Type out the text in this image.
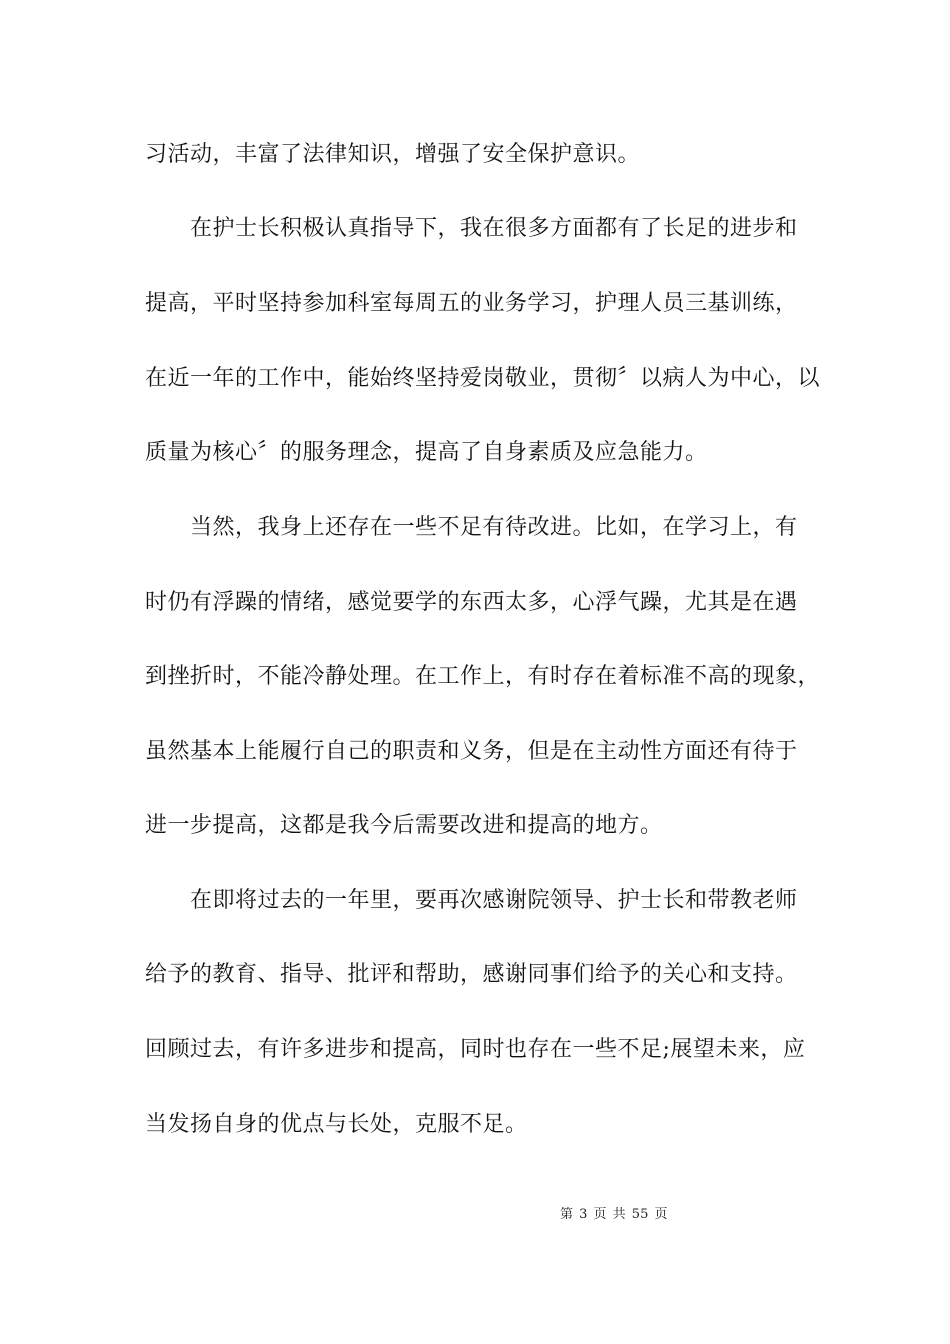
习活动，丰富了法律知识，增强了安全保护意识。
在护士长积极认真指导下，我在很多方面都有了长足的进步和
提高，平时坚持参加科室每周五的业务学习，护理人员三基训练，
在近一年的工作中，能始终坚持爱岗敬业，贯彻〞以病人为中心，以
质量为核心〞的服务理念，提高了自身素质及应急能力。
当然，我身上还存在一些不足有待改进。比如，在学习上，有
时仍有浮躁的情绪，感觉要学的东西太多，心浮气躁，尤其是在遇
到挫折时，不能冷静处理。在工作上，有时存在着标准不高的现象，
虽然基本上能履行自己的职责和义务，但是在主动性方面还有待于
进一步提高，这都是我今后需要改进和提高的地方。
在即将过去的一年里，要再次感谢院领导、护士长和带教老师
给予的教育、指导、批评和帮助，感谢同事们给予的关心和支持。
回顾过去，有许多进步和提高，同时也存在一些不足;展望未来，应
当发扬自身的优点与长处，克服不足。
第 3 页 共 55 页
